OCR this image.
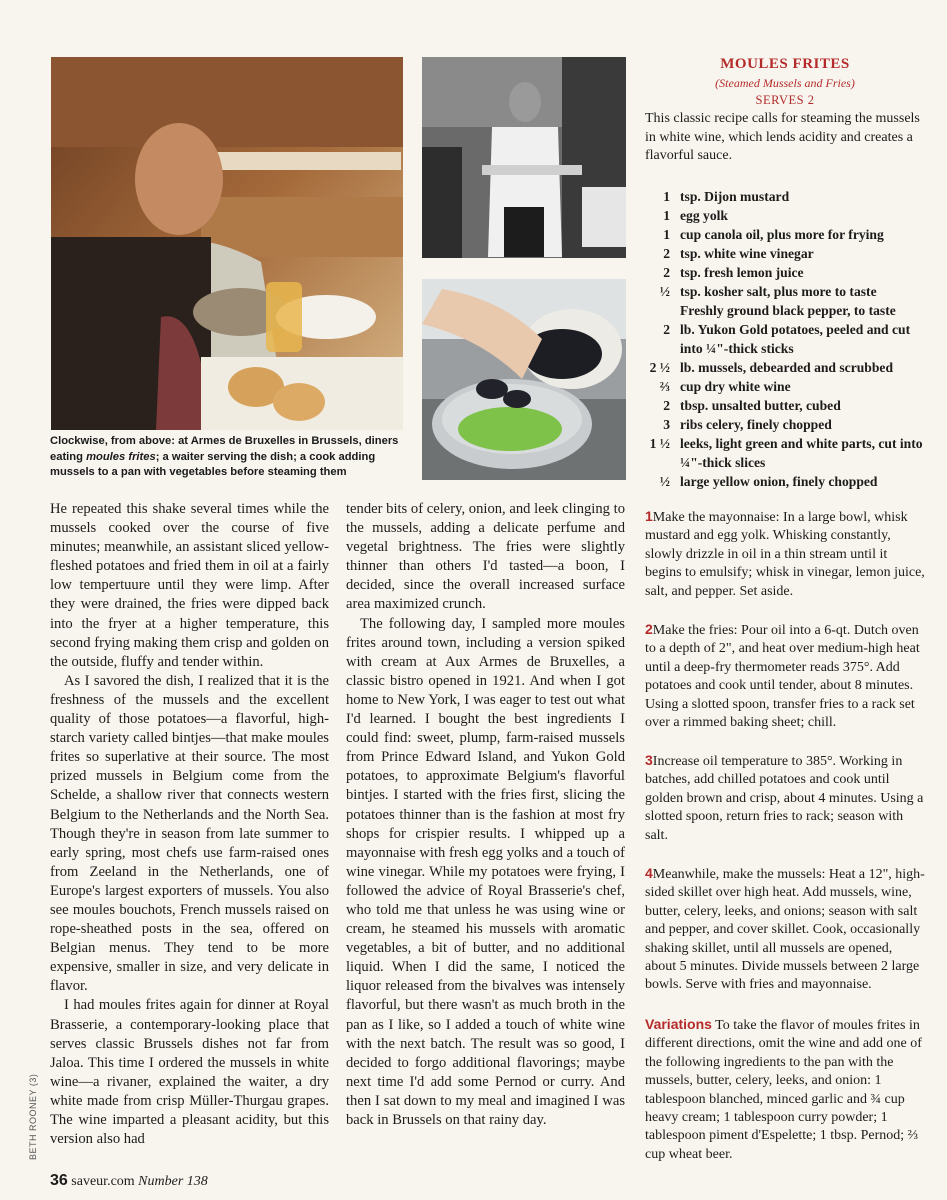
Clockwise, from above: at Armes de Bruxelles in Brussels, diners eating moules frites; a waiter serving the dish; a cook adding mussels to a pan with vegetables before steaming them

He repeated this shake several times while the mussels cooked over the course of five minutes; meanwhile, an assistant sliced yellow-fleshed potatoes and fried them in oil at a fairly low tempertuure until they were limp. After they were drained, the fries were dipped back into the fryer at a higher temperature, this second frying making them crisp and golden on the outside, fluffy and tender within.

As I savored the dish, I realized that it is the freshness of the mussels and the excellent quality of those potatoes—a flavorful, high-starch variety called bintjes—that make moules frites so superlative at their source. The most prized mussels in Belgium come from the Schelde, a shallow river that connects western Belgium to the Netherlands and the North Sea. Though they're in season from late summer to early spring, most chefs use farm-raised ones from Zeeland in the Netherlands, one of Europe's largest exporters of mussels. You also see moules bouchots, French mussels raised on rope-sheathed posts in the sea, offered on Belgian menus. They tend to be more expensive, smaller in size, and very delicate in flavor.

I had moules frites again for dinner at Royal Brasserie, a contemporary-looking place that serves classic Brussels dishes not far from Jaloa. This time I ordered the mussels in white wine—a rivaner, explained the waiter, a dry white made from crisp Müller-Thurgau grapes. The wine imparted a pleasant acidity, but this version also had

tender bits of celery, onion, and leek clinging to the mussels, adding a delicate perfume and vegetal brightness. The fries were slightly thinner than others I'd tasted—a boon, I decided, since the overall increased surface area maximized crunch.

The following day, I sampled more moules frites around town, including a version spiked with cream at Aux Armes de Bruxelles, a classic bistro opened in 1921. And when I got home to New York, I was eager to test out what I'd learned. I bought the best ingredients I could find: sweet, plump, farm-raised mussels from Prince Edward Island, and Yukon Gold potatoes, to approximate Belgium's flavorful bintjes. I started with the fries first, slicing the potatoes thinner than is the fashion at most fry shops for crispier results. I whipped up a mayonnaise with fresh egg yolks and a touch of wine vinegar. While my potatoes were frying, I followed the advice of Royal Brasserie's chef, who told me that unless he was using wine or cream, he steamed his mussels with aromatic vegetables, a bit of butter, and no additional liquid. When I did the same, I noticed the liquor released from the bivalves was intensely flavorful, but there wasn't as much broth in the pan as I like, so I added a touch of white wine with the next batch. The result was so good, I decided to forgo additional flavorings; maybe next time I'd add some Pernod or curry. And then I sat down to my meal and imagined I was back in Brussels on that rainy day.

MOULES FRITES
(Steamed Mussels and Fries)
SERVES 2
This classic recipe calls for steaming the mussels in white wine, which lends acidity and creates a flavorful sauce.
1 tsp. Dijon mustard
1 egg yolk
1 cup canola oil, plus more for frying
2 tsp. white wine vinegar
2 tsp. fresh lemon juice
½ tsp. kosher salt, plus more to taste
Freshly ground black pepper, to taste
2 lb. Yukon Gold potatoes, peeled and cut into ¼"-thick sticks
2 ½ lb. mussels, debearded and scrubbed
⅔ cup dry white wine
2 tbsp. unsalted butter, cubed
3 ribs celery, finely chopped
1 ½ leeks, light green and white parts, cut into ¼"-thick slices
½ large yellow onion, finely chopped
1Make the mayonnaise: In a large bowl, whisk mustard and egg yolk. Whisking constantly, slowly drizzle in oil in a thin stream until it begins to emulsify; whisk in vinegar, lemon juice, salt, and pepper. Set aside.
2Make the fries: Pour oil into a 6-qt. Dutch oven to a depth of 2", and heat over medium-high heat until a deep-fry thermometer reads 375°. Add potatoes and cook until tender, about 8 minutes. Using a slotted spoon, transfer fries to a rack set over a rimmed baking sheet; chill.
3Increase oil temperature to 385°. Working in batches, add chilled potatoes and cook until golden brown and crisp, about 4 minutes. Using a slotted spoon, return fries to rack; season with salt.
4Meanwhile, make the mussels: Heat a 12", high-sided skillet over high heat. Add mussels, wine, butter, celery, leeks, and onions; season with salt and pepper, and cover skillet. Cook, occasionally shaking skillet, until all mussels are opened, about 5 minutes. Divide mussels between 2 large bowls. Serve with fries and mayonnaise.
Variations To take the flavor of moules frites in different directions, omit the wine and add one of the following ingredients to the pan with the mussels, butter, celery, leeks, and onion: 1 tablespoon blanched, minced garlic and ¾ cup heavy cream; 1 tablespoon curry powder; 1 tablespoon piment d'Espelette; 1 tbsp. Pernod; ⅔ cup wheat beer.
BETH ROONEY (3)
36 saveur.com Number 138
